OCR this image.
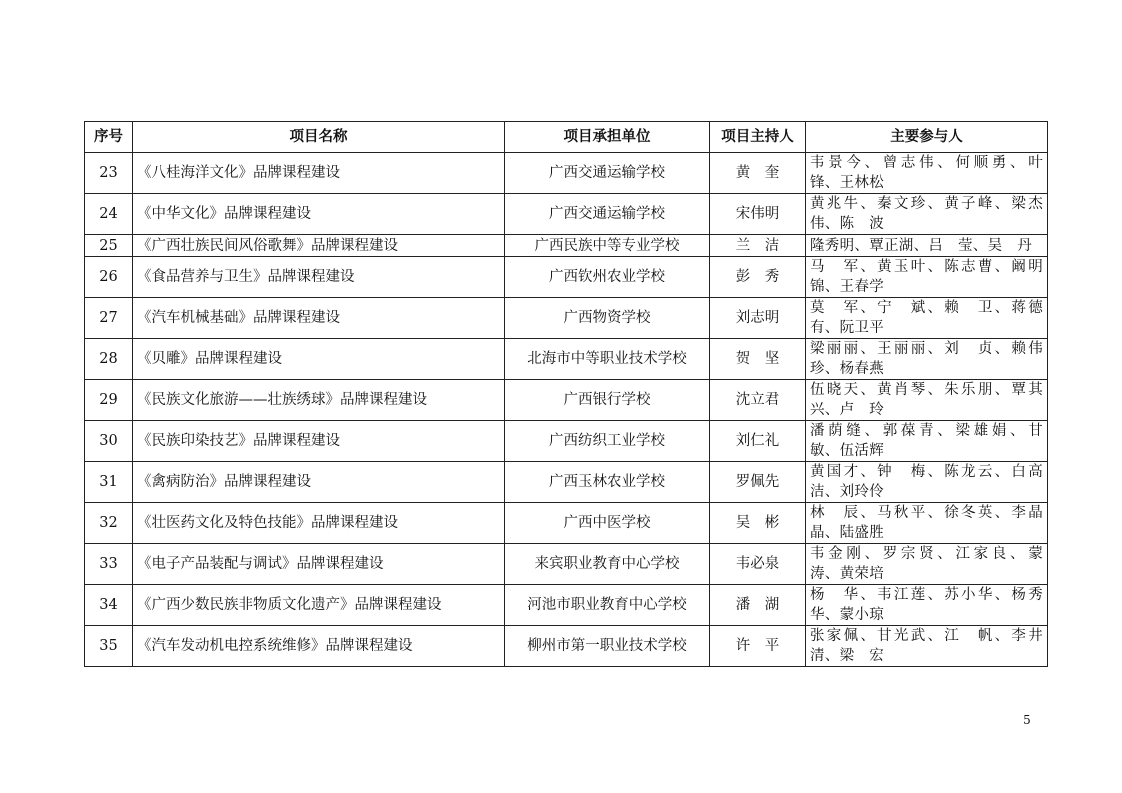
序号	项目名称	项目承担单位	项目主持人	主要参与人
23	《八桂海洋文化》品牌课程建设	广西交通运输学校	黄　奎	韦景今、曾志伟、何顺勇、叶　锋、王林松
24	《中华文化》品牌课程建设	广西交通运输学校	宋伟明	黄兆牛、秦文珍、黄子峰、梁杰伟、陈　波
25	《广西壮族民间风俗歌舞》品牌课程建设	广西民族中等专业学校	兰　洁	隆秀明、覃正湖、吕　莹、吴　丹
26	《食品营养与卫生》品牌课程建设	广西钦州农业学校	彭　秀	马　军、黄玉叶、陈志曹、阚明锦、王春学
27	《汽车机械基础》品牌课程建设	广西物资学校	刘志明	莫　军、宁　斌、赖　卫、蒋德有、阮卫平
28	《贝雕》品牌课程建设	北海市中等职业技术学校	贺　坚	梁丽丽、王丽丽、刘　贞、赖伟珍、杨春燕
29	《民族文化旅游——壮族绣球》品牌课程建设	广西银行学校	沈立君	伍晓天、黄肖琴、朱乐朋、覃其兴、卢　玲
30	《民族印染技艺》品牌课程建设	广西纺织工业学校	刘仁礼	潘荫缝、郭葆青、梁雄娟、甘　敏、伍活辉
31	《禽病防治》品牌课程建设	广西玉林农业学校	罗佩先	黄国才、钟　梅、陈龙云、白高洁、刘玲伶
32	《壮医药文化及特色技能》品牌课程建设	广西中医学校	吴　彬	林　辰、马秋平、徐冬英、李晶晶、陆盛胜
33	《电子产品装配与调试》品牌课程建设	来宾职业教育中心学校	韦必泉	韦金刚、罗宗贤、江家良、蒙　涛、黄荣培
34	《广西少数民族非物质文化遗产》品牌课程建设	河池市职业教育中心学校	潘　湖	杨　华、韦江莲、苏小华、杨秀华、蒙小琼
35	《汽车发动机电控系统维修》品牌课程建设	柳州市第一职业技术学校	许　平	张家佩、甘光武、江　帆、李井清、梁　宏
5
